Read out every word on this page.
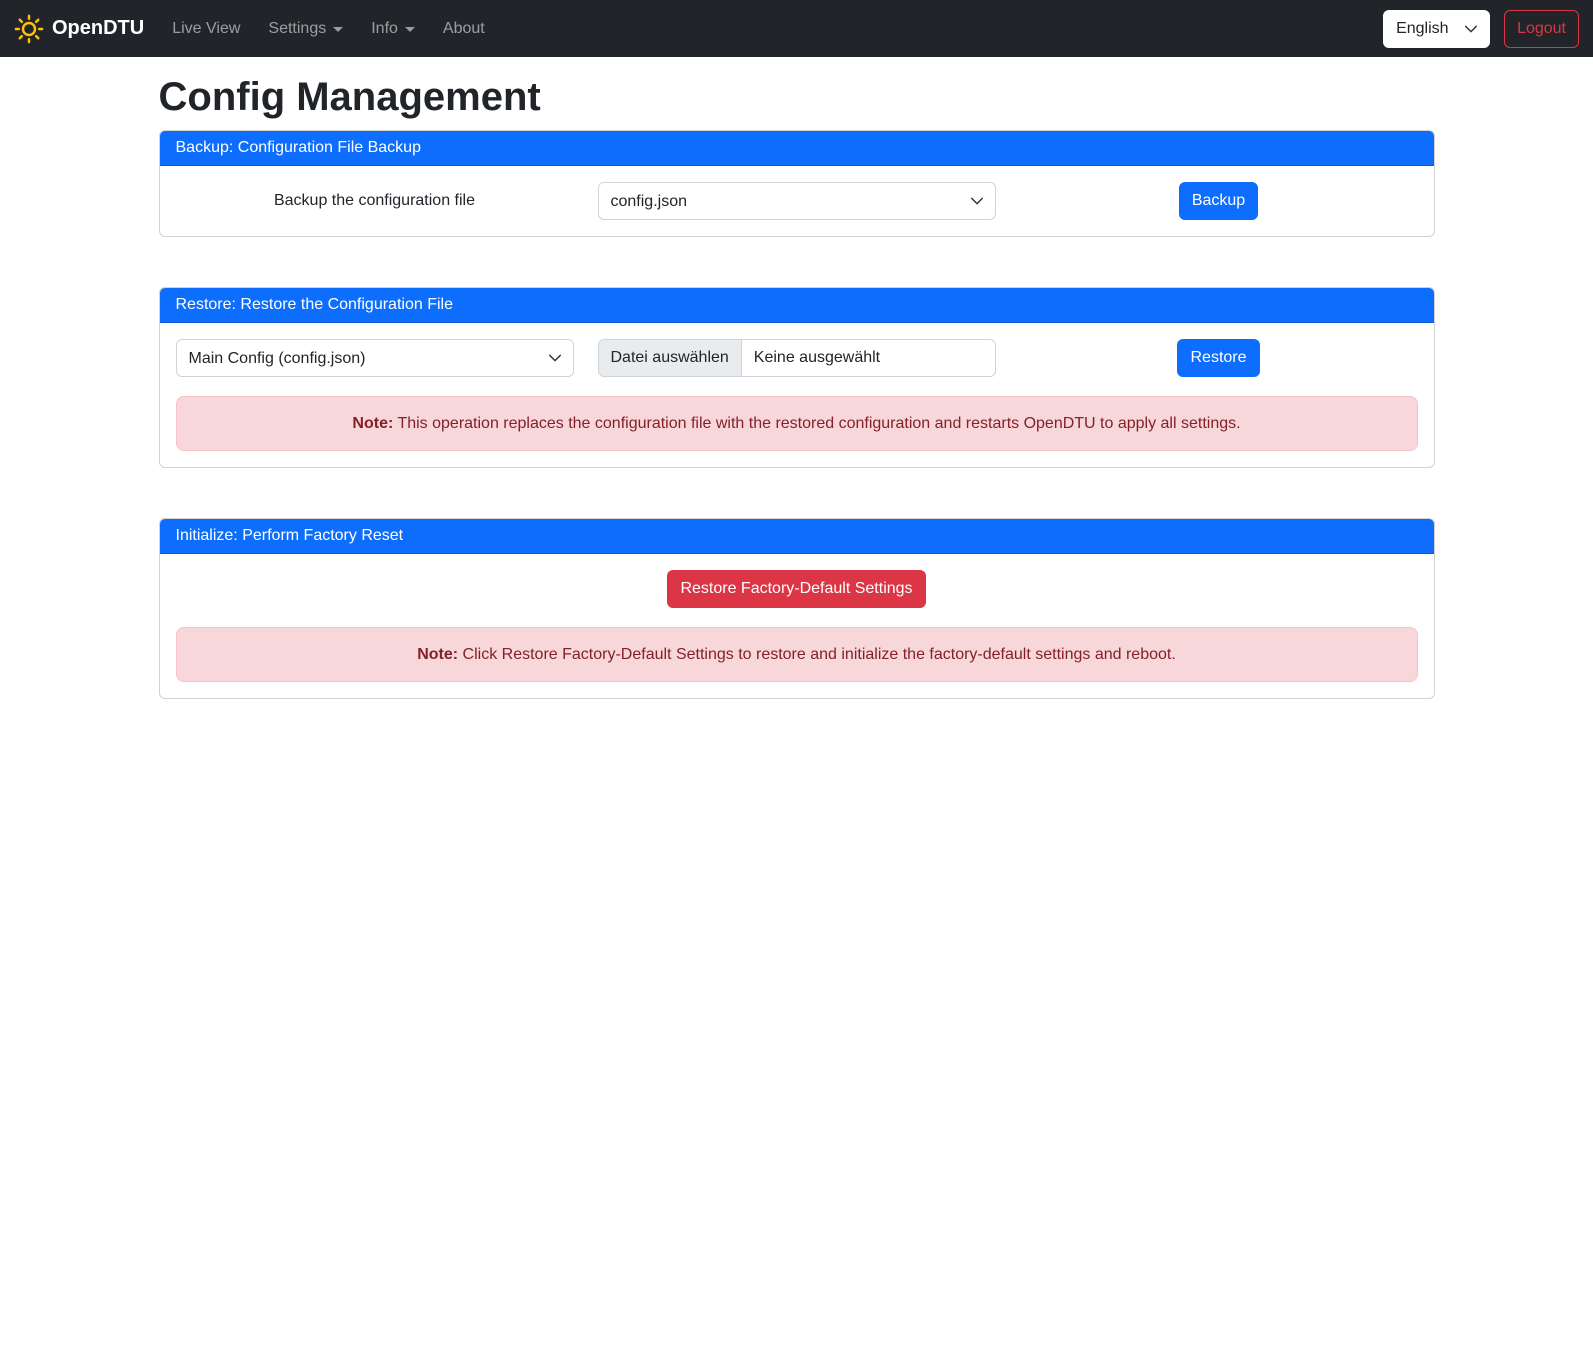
OpenDTU Live View Settings	Info	About
English	Logout
Config Management
Backup: Configuration File Backup
Backup the configuration file
config.json	Backup
Restore: Restore the Configuration File
Main Config (config.json)
Datei auswählen	Keine ausgewählt	Restore
Note: This operation replaces the configuration file with the restored configuration and restarts OpenDTU to apply all settings.
Initialize: Perform Factory Reset
Restore Factory-Default Settings
Note: Click Restore Factory-Default Settings to restore and initialize the factory-default settings and reboot.
